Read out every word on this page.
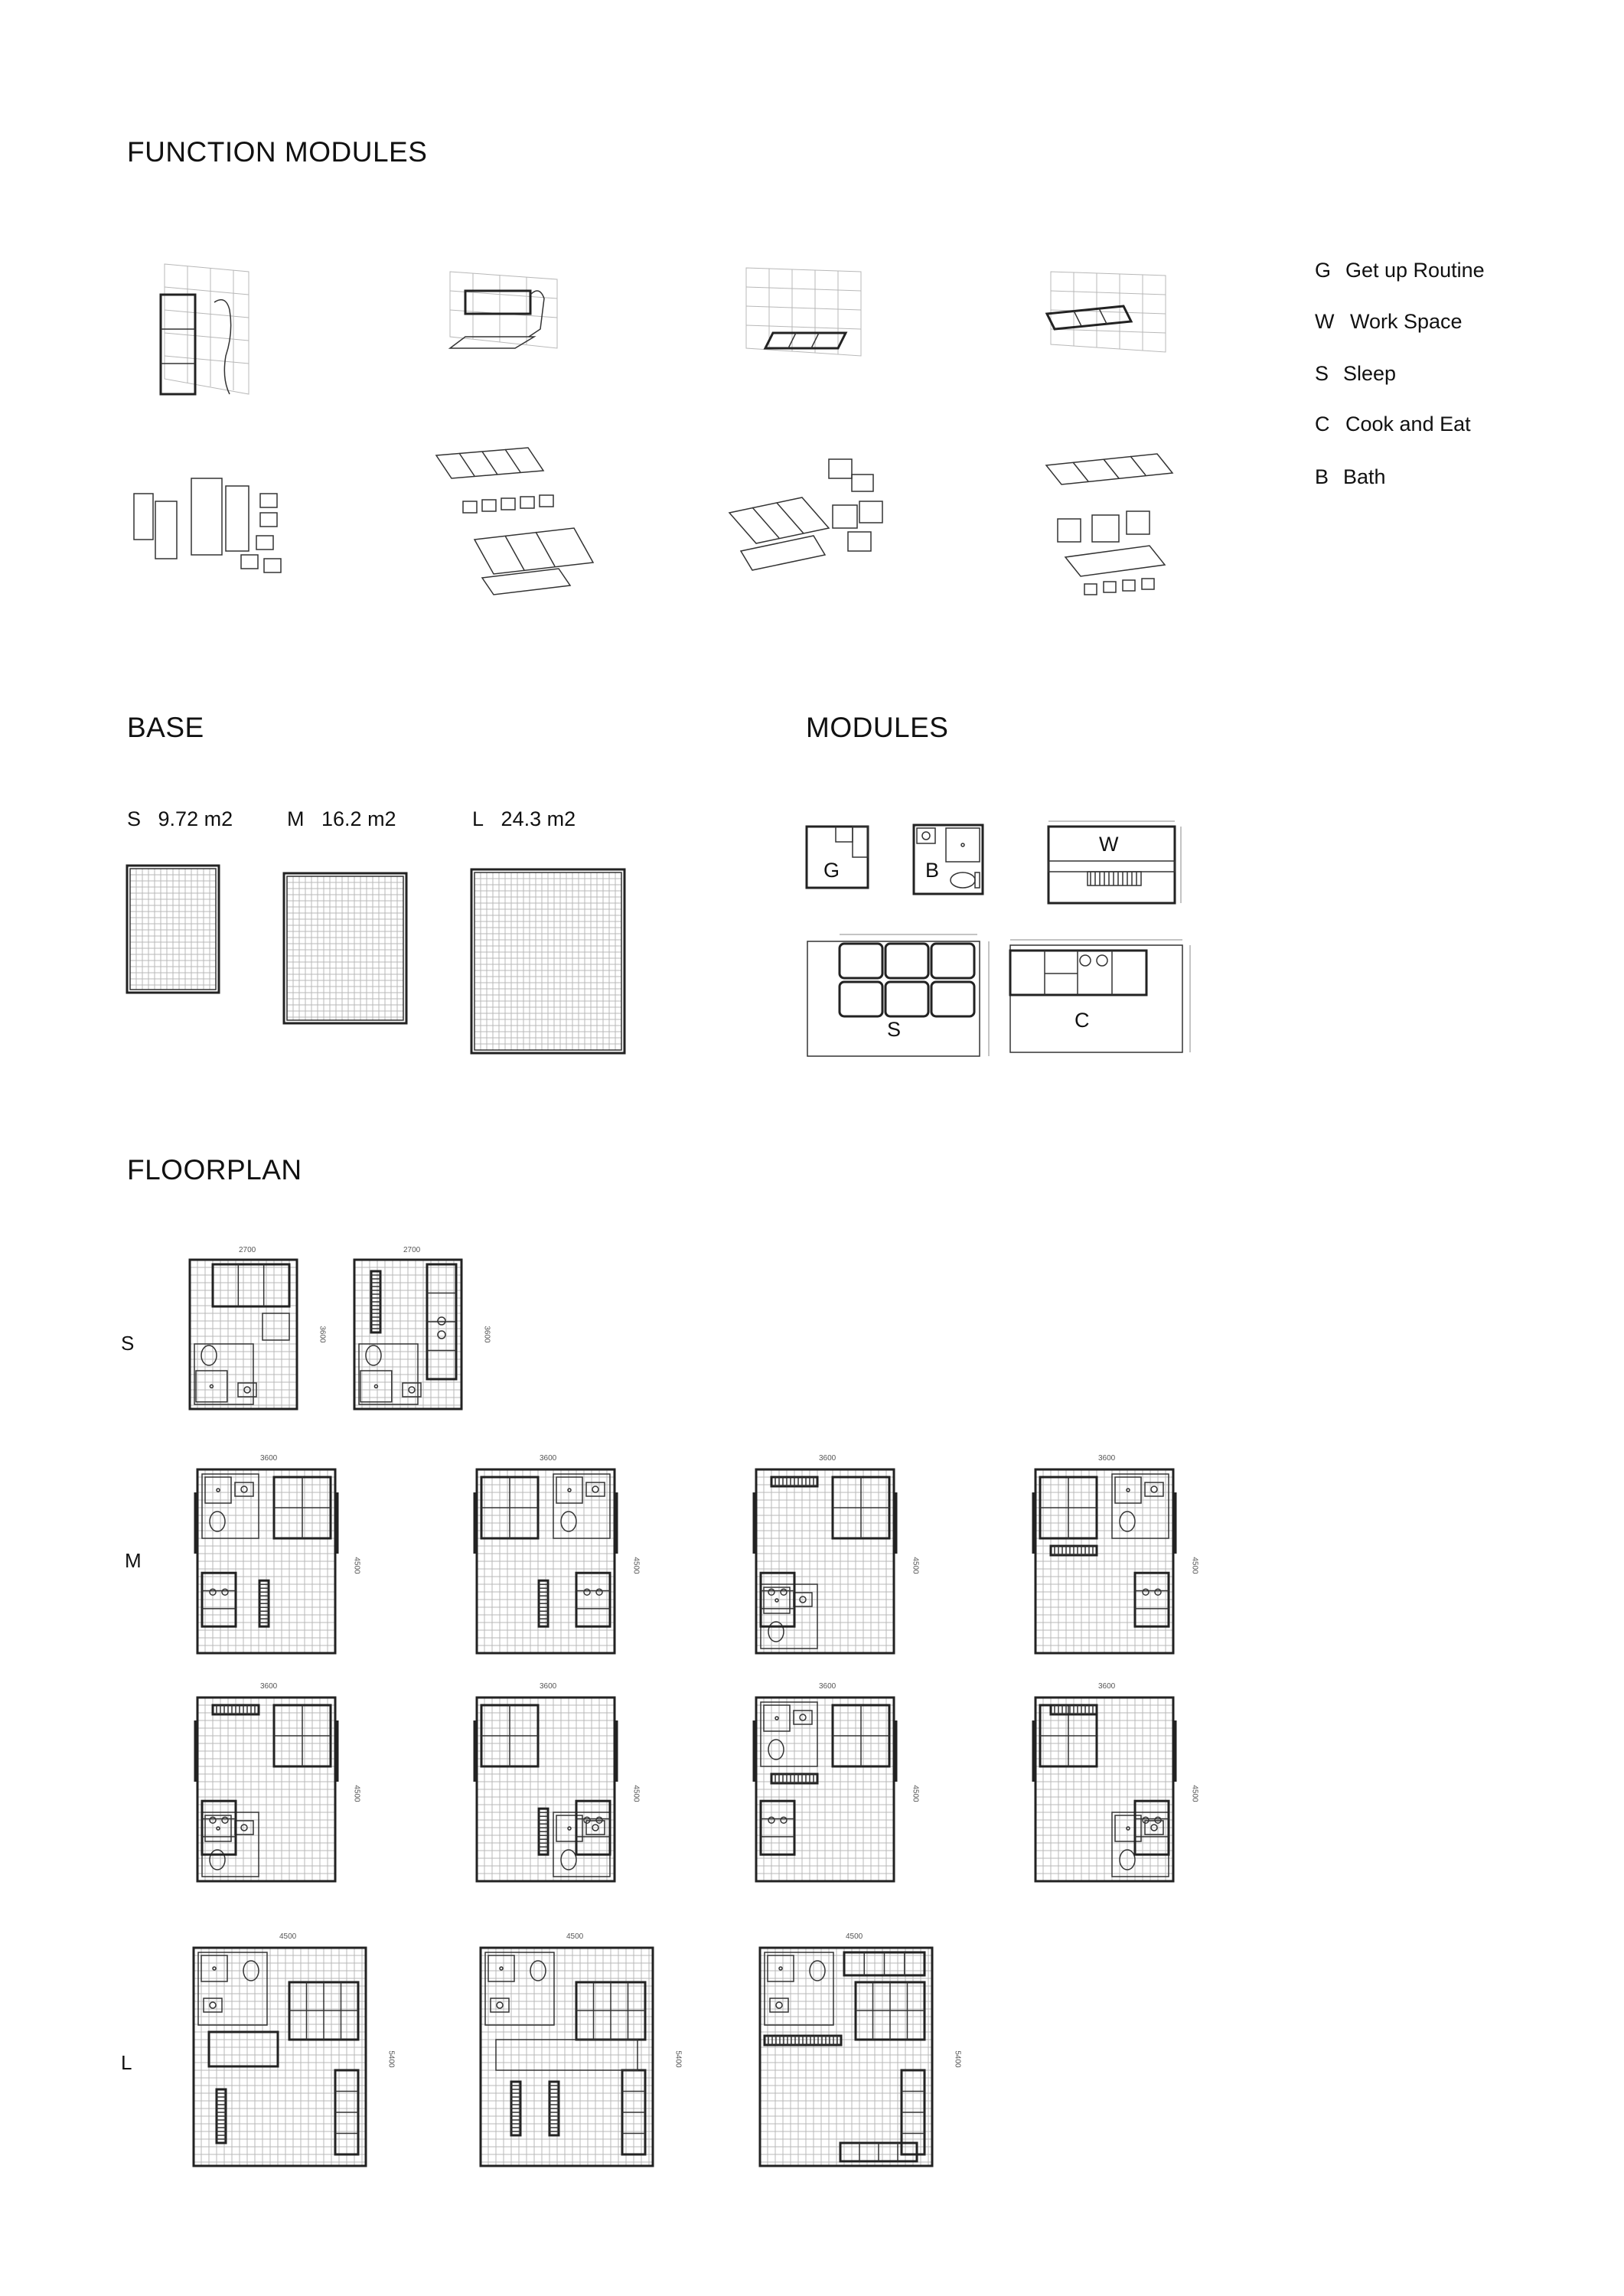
FUNCTION MODULES
G Get up Routine
W Work Space
S Sleep
C Cook and Eat
B Bath
BASE
S 9.72 m2	M 16.2 m2	L 24.3 m2
MODULES
G	B
W
S	C
FLOORPLAN
S
M
L
2700
3600
2700
3600
3600
4500
3600
4500
3600
4500
3600
4500
3600
4500
3600
4500
3600
4500
3600
4500
4500
5400
4500
5400
4500
5400
